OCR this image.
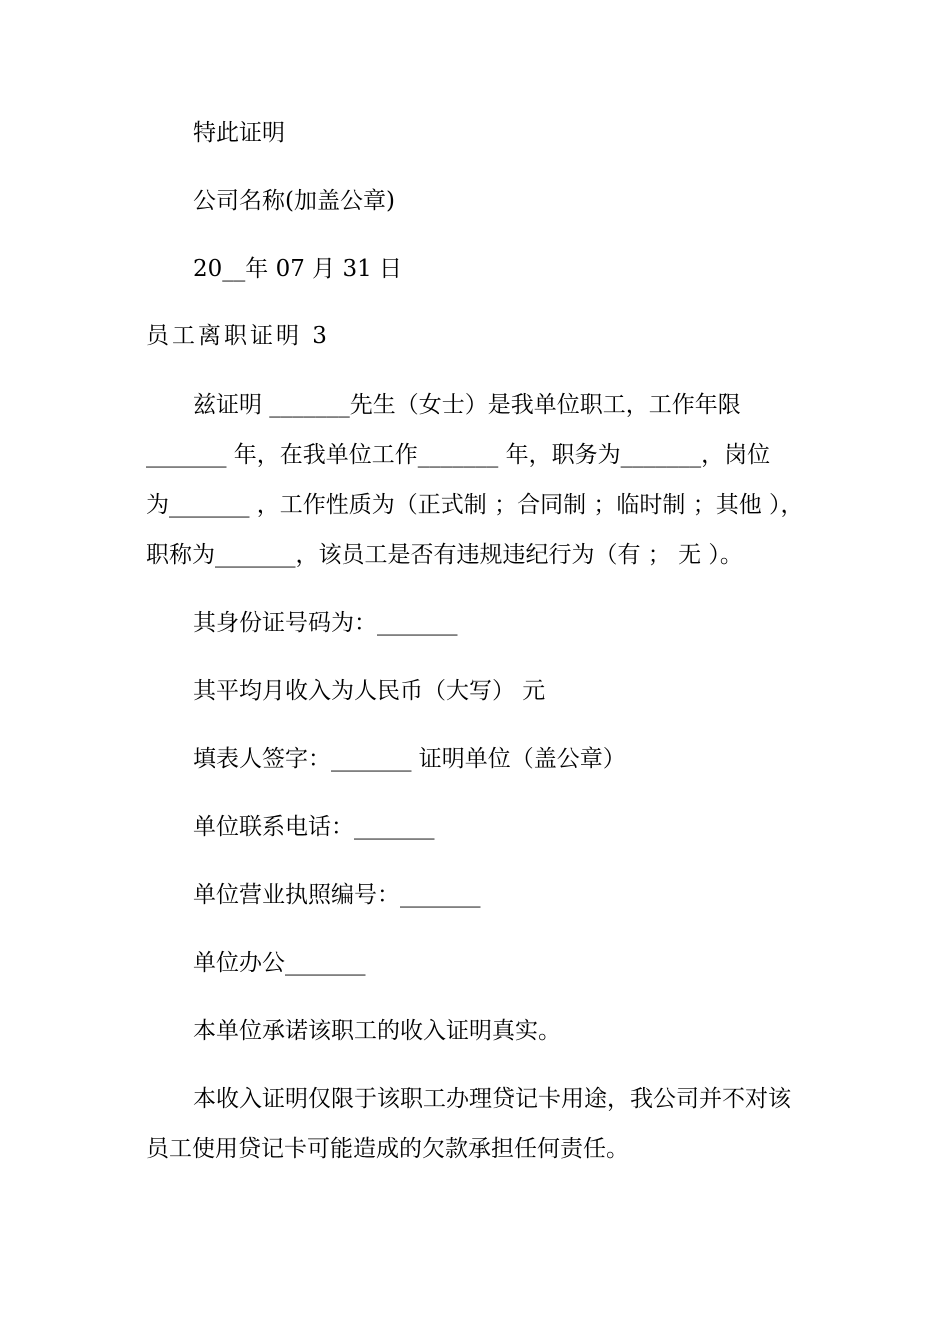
特此证明
公司名称(加盖公章)
20__年 07 月 31 日
员工离职证明 3
兹证明 _______先生（女士）是我单位职工，工作年限
_______ 年，在我单位工作_______ 年，职务为_______，岗位
为_______ ，工作性质为（正式制 ；合同制 ；临时制 ；其他 ），
职称为_______，该员工是否有违规违纪行为（有 ； 无 ）。
其身份证号码为：_______
其平均月收入为人民币（大写） 元
填表人签字：_______ 证明单位（盖公章）
单位联系电话：_______
单位营业执照编号：_______
单位办公_______
本单位承诺该职工的收入证明真实。
本收入证明仅限于该职工办理贷记卡用途，我公司并不对该
员工使用贷记卡可能造成的欠款承担任何责任。
